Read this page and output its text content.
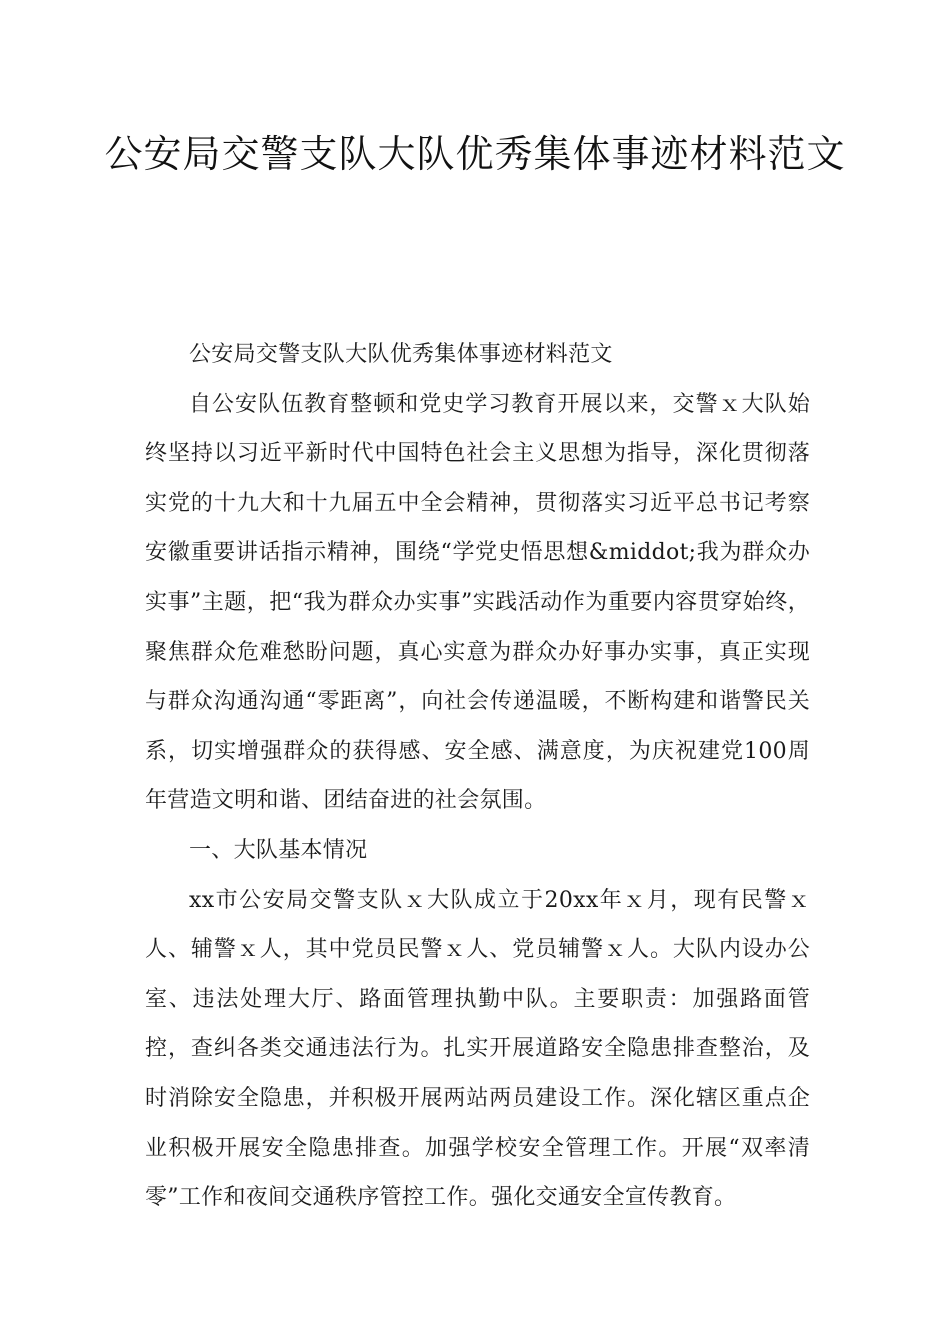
公安局交警支队大队优秀集体事迹材料范文

公安局交警支队大队优秀集体事迹材料范文

自公安队伍教育整顿和党史学习教育开展以来，交警ｘ大队始终坚持以习近平新时代中国特色社会主义思想为指导，深化贯彻落实党的十九大和十九届五中全会精神，贯彻落实习近平总书记考察安徽重要讲话指示精神，围绕“学党史悟思想&middot;我为群众办实事”主题，把“我为群众办实事”实践活动作为重要内容贯穿始终，聚焦群众危难愁盼问题，真心实意为群众办好事办实事，真正实现与群众沟通沟通“零距离”，向社会传递温暖，不断构建和谐警民关系，切实增强群众的获得感、安全感、满意度，为庆祝建党100周年营造文明和谐、团结奋进的社会氛围。

一、大队基本情况

xx市公安局交警支队ｘ大队成立于20xx年ｘ月，现有民警ｘ人、辅警ｘ人，其中党员民警ｘ人、党员辅警ｘ人。大队内设办公室、违法处理大厅、路面管理执勤中队。主要职责：加强路面管控，查纠各类交通违法行为。扎实开展道路安全隐患排查整治，及时消除安全隐患，并积极开展两站两员建设工作。深化辖区重点企业积极开展安全隐患排查。加强学校安全管理工作。开展“双率清零”工作和夜间交通秩序管控工作。强化交通安全宣传教育。
